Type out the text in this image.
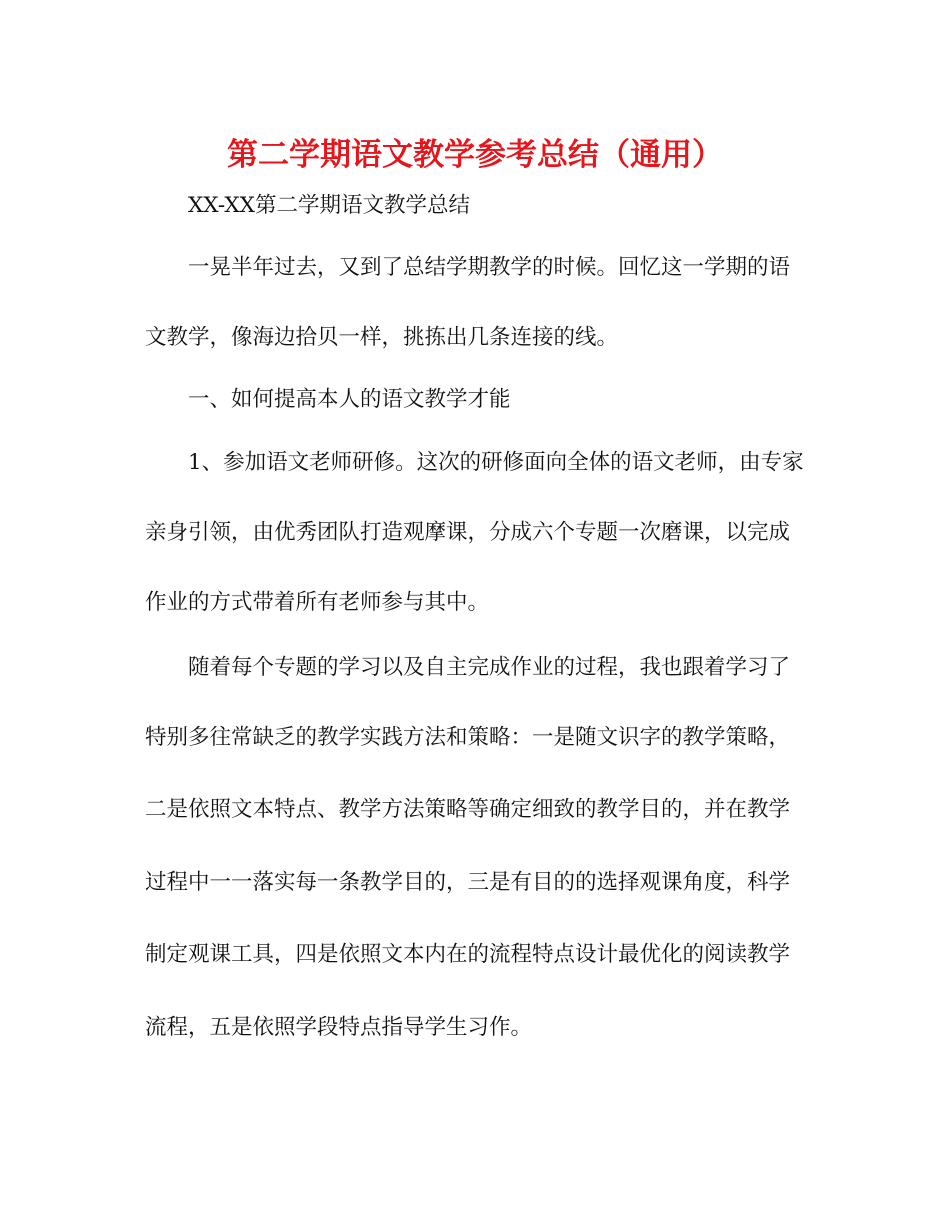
第二学期语文教学参考总结（通用）
XX-XX第二学期语文教学总结
一晃半年过去，又到了总结学期教学的时候。回忆这一学期的语
文教学，像海边拾贝一样，挑拣出几条连接的线。
一、如何提高本人的语文教学才能
1、参加语文老师研修。这次的研修面向全体的语文老师，由专家
亲身引领，由优秀团队打造观摩课，分成六个专题一次磨课，以完成
作业的方式带着所有老师参与其中。
随着每个专题的学习以及自主完成作业的过程，我也跟着学习了
特别多往常缺乏的教学实践方法和策略：一是随文识字的教学策略，
二是依照文本特点、教学方法策略等确定细致的教学目的，并在教学
过程中一一落实每一条教学目的，三是有目的的选择观课角度，科学
制定观课工具，四是依照文本内在的流程特点设计最优化的阅读教学
流程，五是依照学段特点指导学生习作。
